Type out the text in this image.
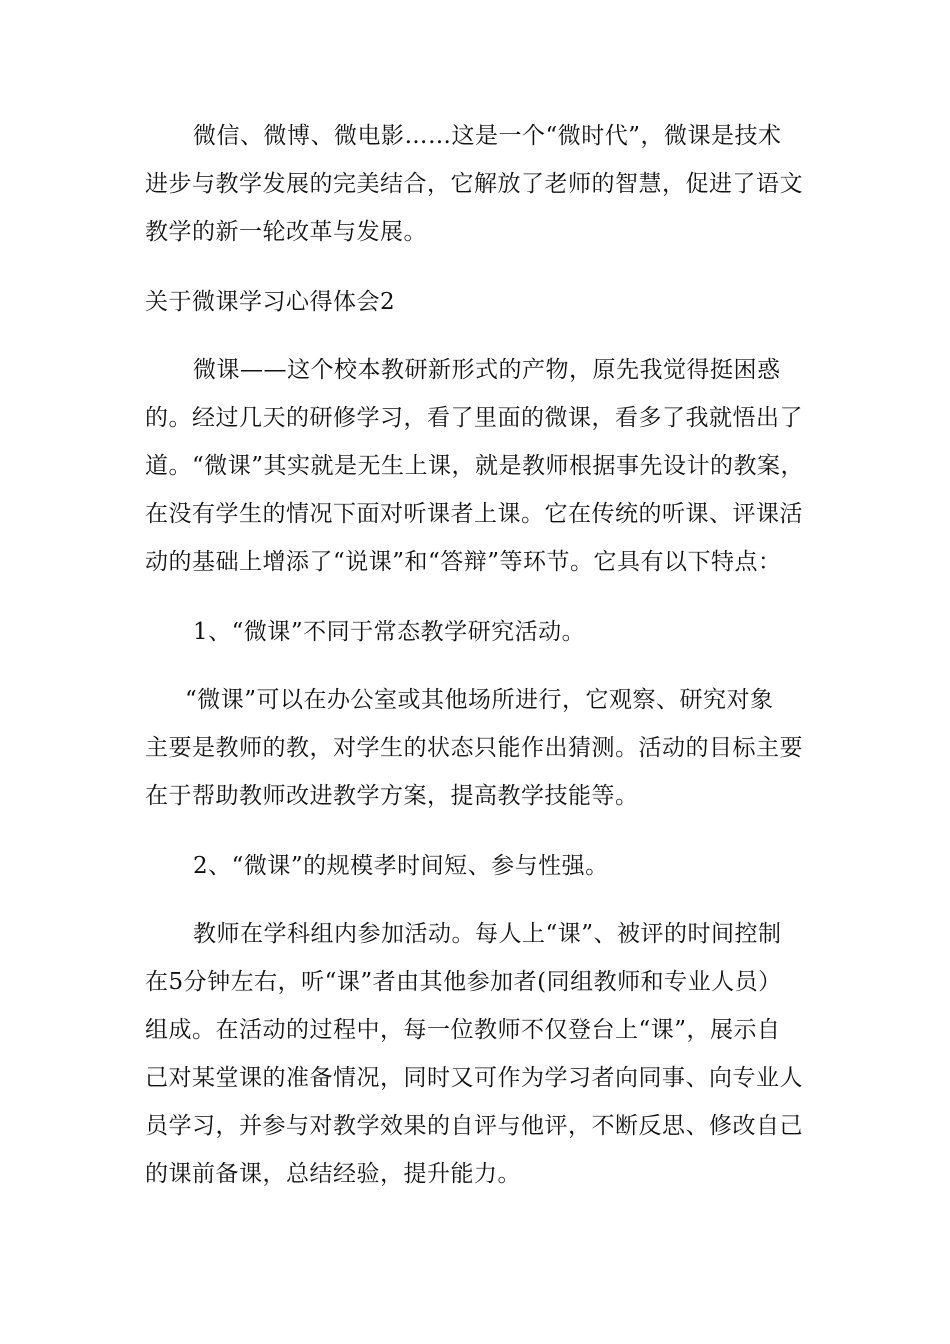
微信、微博、微电影……这是一个“微时代”，微课是技术
进步与教学发展的完美结合，它解放了老师的智慧，促进了语文
教学的新一轮改革与发展。
关于微课学习心得体会2
微课——这个校本教研新形式的产物，原先我觉得挺困惑
的。经过几天的研修学习，看了里面的微课，看多了我就悟出了
道。“微课”其实就是无生上课，就是教师根据事先设计的教案，
在没有学生的情况下面对听课者上课。它在传统的听课、评课活
动的基础上增添了“说课”和“答辩”等环节。它具有以下特点：
1、“微课”不同于常态教学研究活动。
“微课”可以在办公室或其他场所进行，它观察、研究对象
主要是教师的教，对学生的状态只能作出猜测。活动的目标主要
在于帮助教师改进教学方案，提高教学技能等。
2、“微课”的规模孝时间短、参与性强。
教师在学科组内参加活动。每人上“课”、被评的时间控制
在5分钟左右，听“课”者由其他参加者(同组教师和专业人员）
组成。在活动的过程中，每一位教师不仅登台上“课”，展示自
己对某堂课的准备情况，同时又可作为学习者向同事、向专业人
员学习，并参与对教学效果的自评与他评，不断反思、修改自己
的课前备课，总结经验，提升能力。
